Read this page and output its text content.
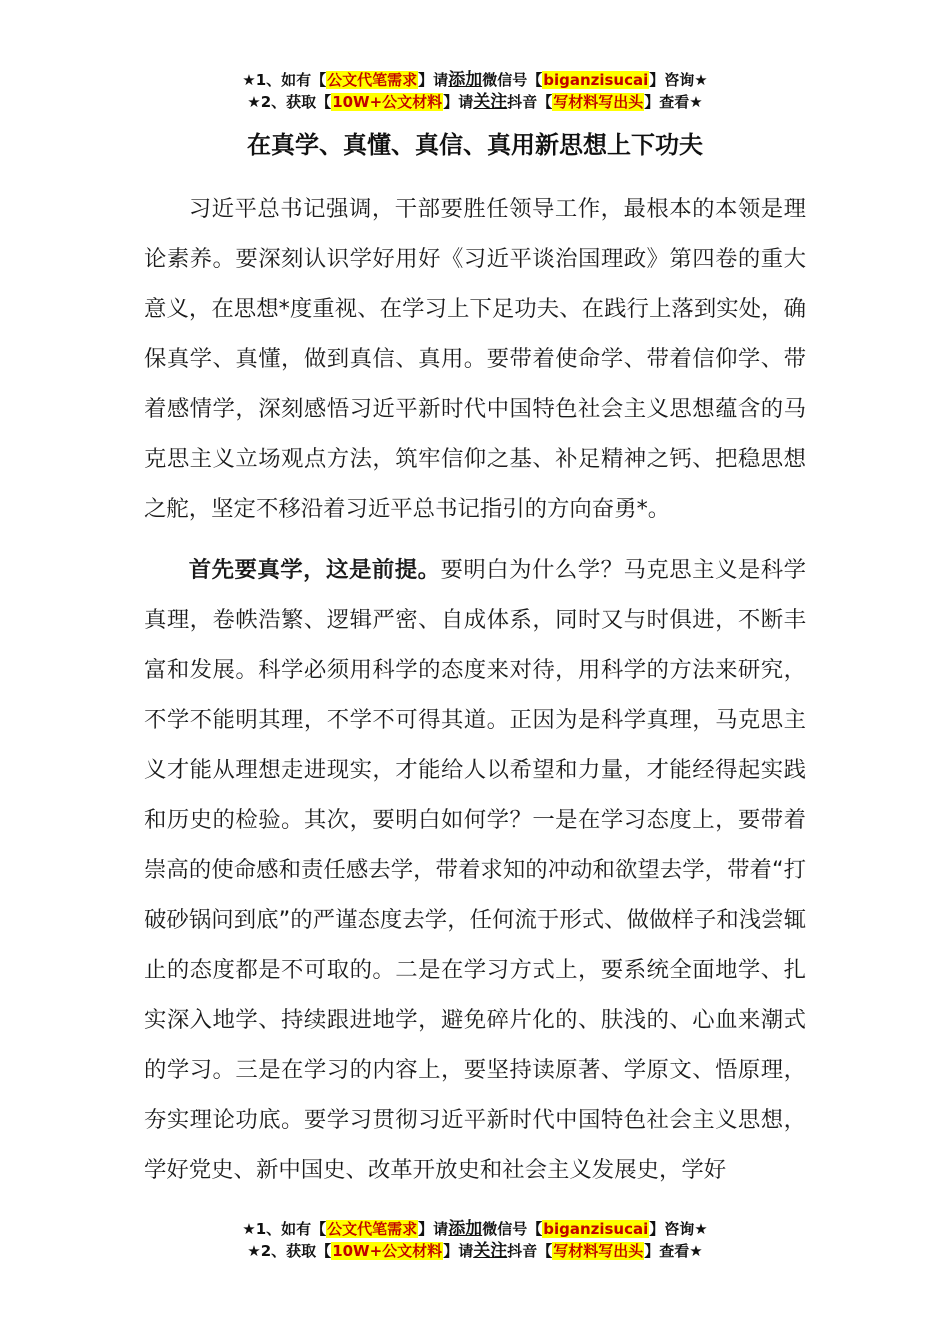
★1、如有【公文代笔需求】请添加微信号【biganzisucai】咨询★
★2、获取【10W+公文材料】请关注抖音【写材料写出头】查看★
在真学、真懂、真信、真用新思想上下功夫

习近平总书记强调，干部要胜任领导工作，最根本的本领是理论素养。要深刻认识学好用好《习近平谈治国理政》第四卷的重大意义，在思想*度重视、在学习上下足功夫、在践行上落到实处，确保真学、真懂，做到真信、真用。要带着使命学、带着信仰学、带着感情学，深刻感悟习近平新时代中国特色社会主义思想蕴含的马克思主义立场观点方法，筑牢信仰之基、补足精神之钙、把稳思想之舵，坚定不移沿着习近平总书记指引的方向奋勇*。

首先要真学，这是前提。要明白为什么学？马克思主义是科学真理，卷帙浩繁、逻辑严密、自成体系，同时又与时俱进，不断丰富和发展。科学必须用科学的态度来对待，用科学的方法来研究，不学不能明其理，不学不可得其道。正因为是科学真理，马克思主义才能从理想走进现实，才能给人以希望和力量，才能经得起实践和历史的检验。其次，要明白如何学？一是在学习态度上，要带着崇高的使命感和责任感去学，带着求知的冲动和欲望去学，带着“打破砂锅问到底”的严谨态度去学，任何流于形式、做做样子和浅尝辄止的态度都是不可取的。二是在学习方式上，要系统全面地学、扎实深入地学、持续跟进地学，避免碎片化的、肤浅的、心血来潮式的学习。三是在学习的内容上，要坚持读原著、学原文、悟原理，夯实理论功底。要学习贯彻习近平新时代中国特色社会主义思想，学好党史、新中国史、改革开放史和社会主义发展史，学好

★1、如有【公文代笔需求】请添加微信号【biganzisucai】咨询★
★2、获取【10W+公文材料】请关注抖音【写材料写出头】查看★
